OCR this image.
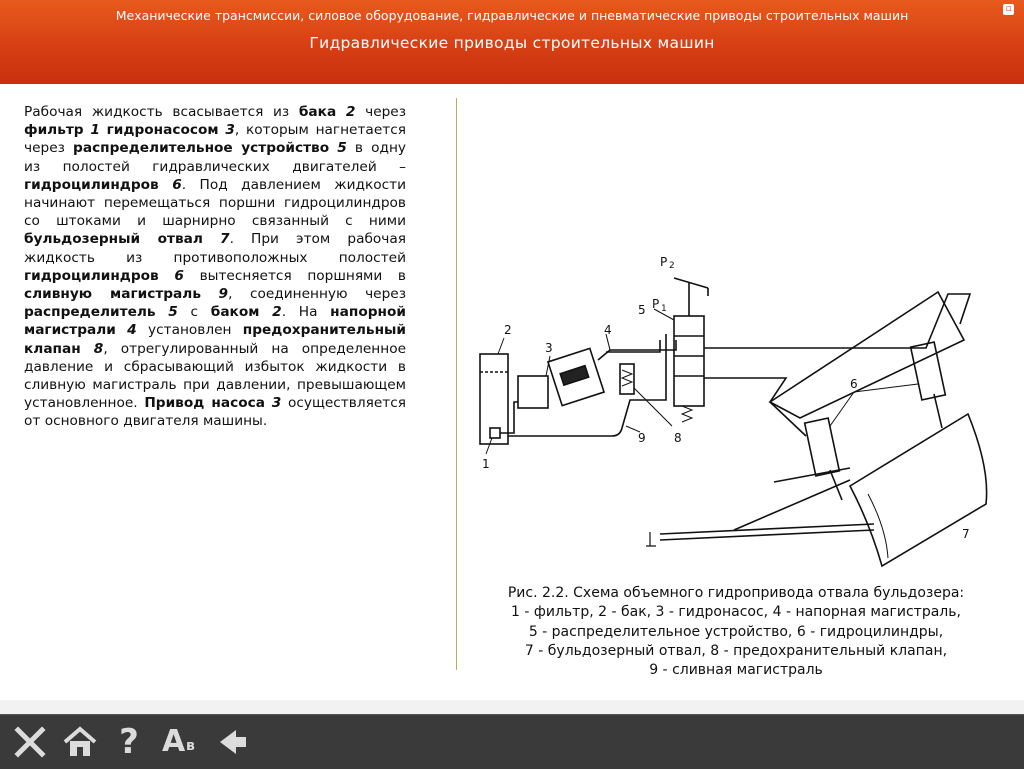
Механические трансмиссии, силовое оборудование, гидравлические и пневматические приводы строительных машин
Гидравлические приводы строительных машин
▫
Рабочая жидкость всасывается из бака 2 через фильтр 1 гидронасосом 3, которым нагнетается через распределительное устройство 5 в одну из полостей гидравлических двигателей – гидроцилиндров 6. Под давлением жидкости начинают перемещаться поршни гидроцилиндров со штоками и шарнирно связанный с ними бульдозерный отвал 7. При этом рабочая жидкость из противоположных полостей гидроцилиндров 6 вытесняется поршнями в сливную магистраль 9, соединенную через распределитель 5 с баком 2. На напорной магистрали 4 установлен предохранительный клапан 8, отрегулированный на определенное давление и сбрасывающий избыток жидкости в сливную магистраль при давлении, превышающем установленное. Привод насоса 3 осуществляется от основного двигателя машины.
2
1
3
4
5
6
7
8
9
P 1
P 2
Рис. 2.2. Схема объемного гидропривода отвала бульдозера:
1 - фильтр, 2 - бак, 3 - гидронасос, 4 - напорная магистраль,
5 - распределительное устройство, 6 - гидроцилиндры,
7 - бульдозерный отвал, 8 - предохранительный клапан,
9 - сливная магистраль
? A в
